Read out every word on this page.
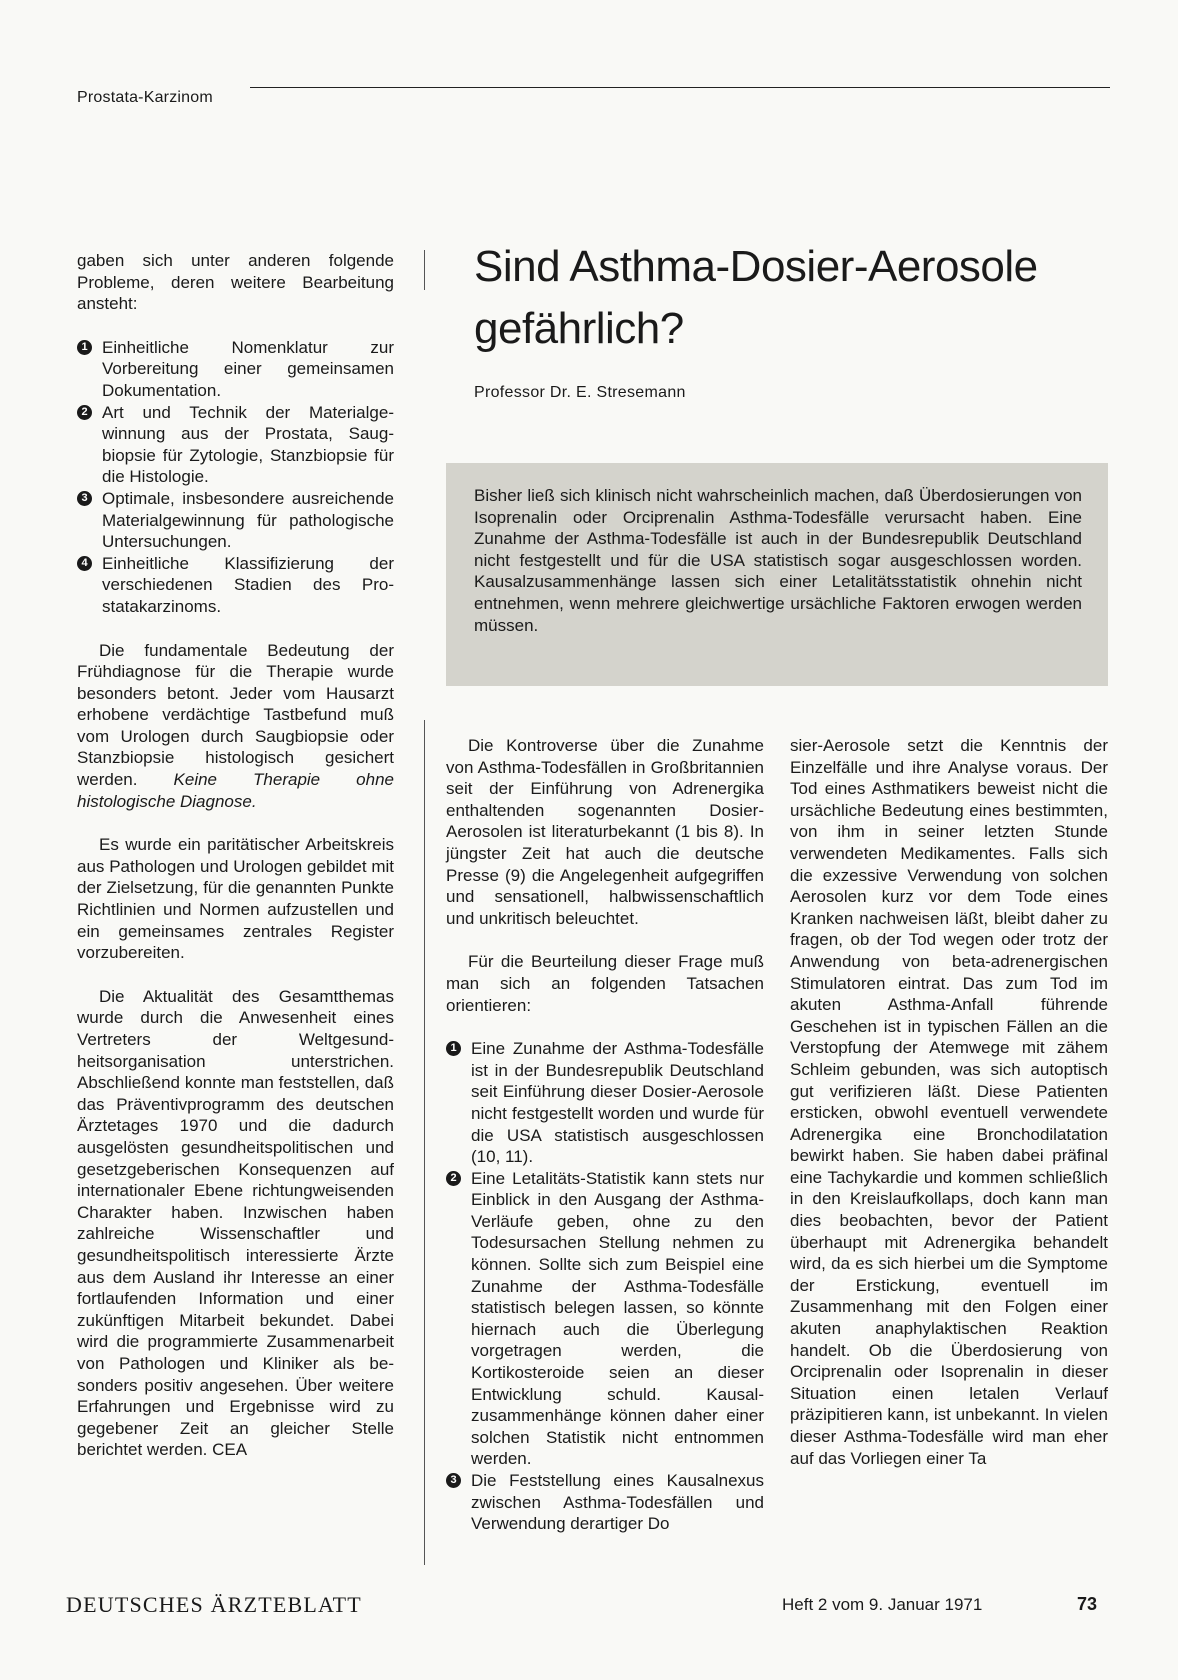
Prostata-Karzinom

gaben sich unter anderen folgende Probleme, deren weitere Bearbeitung ansteht:

1 Einheitliche Nomenklatur zur Vorbereitung einer gemeinsamen Dokumentation.
2 Art und Technik der Materialgewinnung aus der Prostata, Saugbiopsie für Zytologie, Stanzbiopsie für die Histologie.
3 Optimale, insbesondere ausreichende Materialgewinnung für pathologische Untersuchungen.
4 Einheitliche Klassifizierung der verschiedenen Stadien des Prostatakarzinoms.

Die fundamentale Bedeutung der Frühdiagnose für die Therapie wurde besonders betont. Jeder vom Hausarzt erhobene verdächtige Tastbefund muß vom Urologen durch Saugbiopsie oder Stanzbiopsie histologisch gesichert werden. Keine Therapie ohne histologische Diagnose.

Es wurde ein paritätischer Arbeitskreis aus Pathologen und Urologen gebildet mit der Zielsetzung, für die genannten Punkte Richtlinien und Normen aufzustellen und ein gemeinsames zentrales Register vorzubereiten.

Die Aktualität des Gesamtthemas wurde durch die Anwesenheit eines Vertreters der Weltgesundheitsorganisation unterstrichen. Abschließend konnte man feststellen, daß das Präventivprogramm des deutschen Ärztetages 1970 und die dadurch ausgelösten gesundheitspolitischen und gesetzgeberischen Konsequenzen auf internationaler Ebene richtungweisenden Charakter haben. Inzwischen haben zahlreiche Wissenschaftler und gesundheitspolitisch interessierte Ärzte aus dem Ausland ihr Interesse an einer fortlaufenden Information und einer zukünftigen Mitarbeit bekundet. Dabei wird die programmierte Zusammenarbeit von Pathologen und Kliniker als besonders positiv angesehen. Über weitere Erfahrungen und Ergebnisse wird zu gegebener Zeit an gleicher Stelle berichtet werden. CEA

Sind Asthma-Dosier-Aerosole gefährlich?
Professor Dr. E. Stresemann
Bisher ließ sich klinisch nicht wahrscheinlich machen, daß Überdosierungen von Isoprenalin oder Orciprenalin Asthma-Todesfälle verursacht haben. Eine Zunahme der Asthma-Todesfälle ist auch in der Bundesrepublik Deutschland nicht festgestellt und für die USA statistisch sogar ausgeschlossen worden. Kausalzusammenhänge lassen sich einer Letalitätsstatistik ohnehin nicht entnehmen, wenn mehrere gleichwertige ursächliche Faktoren erwogen werden müssen.

Die Kontroverse über die Zunahme von Asthma-Todesfällen in Großbritannien seit der Einführung von Adrenergika enthaltenden sogenannten Dosier-Aerosolen ist literaturbekannt (1 bis 8). In jüngster Zeit hat auch die deutsche Presse (9) die Angelegenheit aufgegriffen und sensationell, halbwissenschaftlich und unkritisch beleuchtet.

Für die Beurteilung dieser Frage muß man sich an folgenden Tatsachen orientieren:

1 Eine Zunahme der Asthma-Todesfälle ist in der Bundesrepublik Deutschland seit Einführung dieser Dosier-Aerosole nicht festgestellt worden und wurde für die USA statistisch ausgeschlossen (10, 11).
2 Eine Letalitäts-Statistik kann stets nur Einblick in den Ausgang der Asthma-Verläufe geben, ohne zu den Todesursachen Stellung nehmen zu können. Sollte sich zum Beispiel eine Zunahme der Asthma-Todesfälle statistisch belegen lassen, so könnte hiernach auch die Überlegung vorgetragen werden, die Kortikosteroide seien an dieser Entwicklung schuld. Kausalzusammenhänge können daher einer solchen Statistik nicht entnommen werden.
3 Die Feststellung eines Kausalnexus zwischen Asthma-Todesfällen und Verwendung derartiger Do

sier-Aerosole setzt die Kenntnis der Einzelfälle und ihre Analyse voraus. Der Tod eines Asthmatikers beweist nicht die ursächliche Bedeutung eines bestimmten, von ihm in seiner letzten Stunde verwendeten Medikamentes. Falls sich die exzessive Verwendung von solchen Aerosolen kurz vor dem Tode eines Kranken nachweisen läßt, bleibt daher zu fragen, ob der Tod wegen oder trotz der Anwendung von beta-adrenergischen Stimulatoren eintrat. Das zum Tod im akuten Asthma-Anfall führende Geschehen ist in typischen Fällen an die Verstopfung der Atemwege mit zähem Schleim gebunden, was sich autoptisch gut verifizieren läßt. Diese Patienten ersticken, obwohl eventuell verwendete Adrenergika eine Bronchodilatation bewirkt haben. Sie haben dabei präfinal eine Tachykardie und kommen schließlich in den Kreislaufkollaps, doch kann man dies beobachten, bevor der Patient überhaupt mit Adrenergika behandelt wird, da es sich hierbei um die Symptome der Erstickung, eventuell im Zusammenhang mit den Folgen einer akuten anaphylaktischen Reaktion handelt. Ob die Überdosierung von Orciprenalin oder Isoprenalin in dieser Situation einen letalen Verlauf präzipitieren kann, ist unbekannt. In vielen dieser Asthma-Todesfälle wird man eher auf das Vorliegen einer Ta

DEUTSCHES ÄRZTEBLATT	Heft 2 vom 9. Januar 1971	73
